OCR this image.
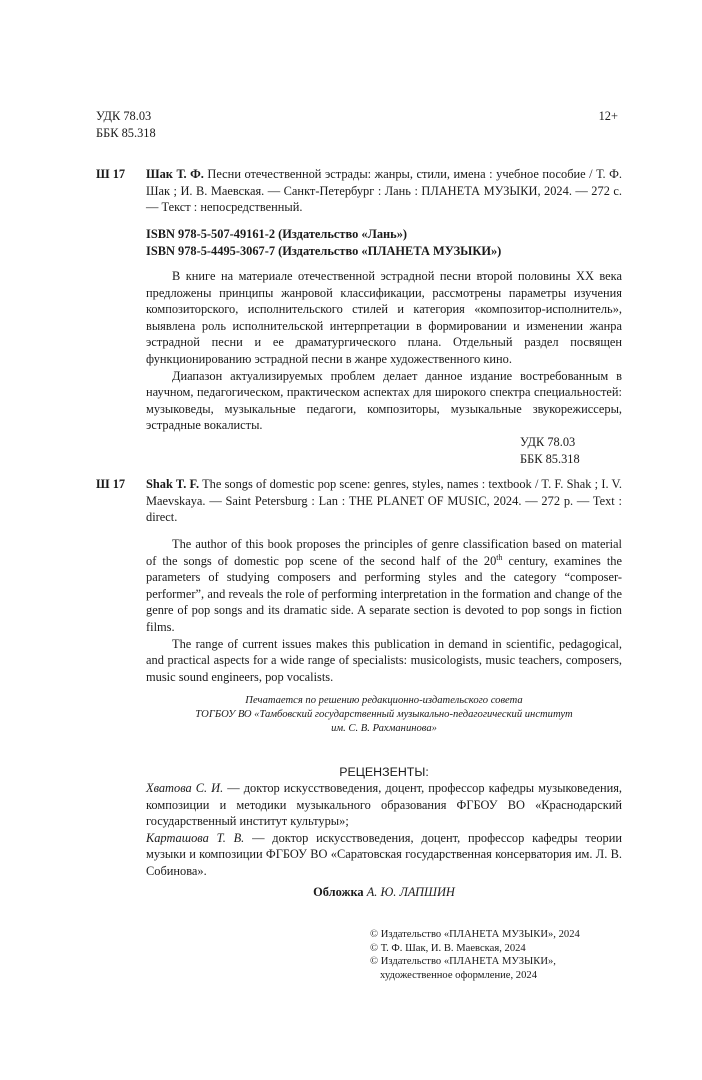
УДК 78.03
ББК 85.318
12+
Ш 17	Шак Т. Ф. Песни отечественной эстрады: жанры, стили, имена : учебное пособие / Т. Ф. Шак ; И. В. Маевская. — Санкт-Петербург : Лань : ПЛАНЕТА МУЗЫКИ, 2024. — 272 с. — Текст : непосредственный.
ISBN 978-5-507-49161-2 (Издательство «Лань»)
ISBN 978-5-4495-3067-7 (Издательство «ПЛАНЕТА МУЗЫКИ»)
В книге на материале отечественной эстрадной песни второй половины XX века предложены принципы жанровой классификации, рассмотрены параметры изучения композиторского, исполнительского стилей и категория «композитор-исполнитель», выявлена роль исполнительской интерпретации в формировании и изменении жанра эстрадной песни и ее драматургического плана. Отдельный раздел посвящен функционированию эстрадной песни в жанре художественного кино.
Диапазон актуализируемых проблем делает данное издание востребованным в научном, педагогическом, практическом аспектах для широкого спектра специальностей: музыковеды, музыкальные педагоги, композиторы, музыкальные звукорежиссеры, эстрадные вокалисты.
УДК 78.03
ББК 85.318
Ш 17	Shak T. F. The songs of domestic pop scene: genres, styles, names : textbook / T. F. Shak ; I. V. Maevskaya. — Saint Petersburg : Lan : THE PLANET OF MUSIC, 2024. — 272 p. — Text : direct.
The author of this book proposes the principles of genre classification based on material of the songs of domestic pop scene of the second half of the 20th century, examines the parameters of studying composers and performing styles and the category “composer-performer”, and reveals the role of performing interpretation in the formation and change of the genre of pop songs and its dramatic side. A separate section is devoted to pop songs in fiction films.
The range of current issues makes this publication in demand in scientific, pedagogical, and practical aspects for a wide range of specialists: musicologists, music teachers, composers, music sound engineers, pop vocalists.
Печатается по решению редакционно-издательского совета
ТОГБОУ ВО «Тамбовский государственный музыкально-педагогический институт
им. С. В. Рахманинова»
РЕЦЕНЗЕНТЫ:
Хватова С. И. — доктор искусствоведения, доцент, профессор кафедры музыковедения, композиции и методики музыкального образования ФГБОУ ВО «Краснодарский государственный институт культуры»;
Карташова Т. В. — доктор искусствоведения, доцент, профессор кафедры теории музыки и композиции ФГБОУ ВО «Саратовская государственная консерватория им. Л. В. Собинова».
Обложка А. Ю. ЛАПШИН
© Издательство «ПЛАНЕТА МУЗЫКИ», 2024
© Т. Ф. Шак, И. В. Маевская, 2024
© Издательство «ПЛАНЕТА МУЗЫКИ»,
художественное оформление, 2024
